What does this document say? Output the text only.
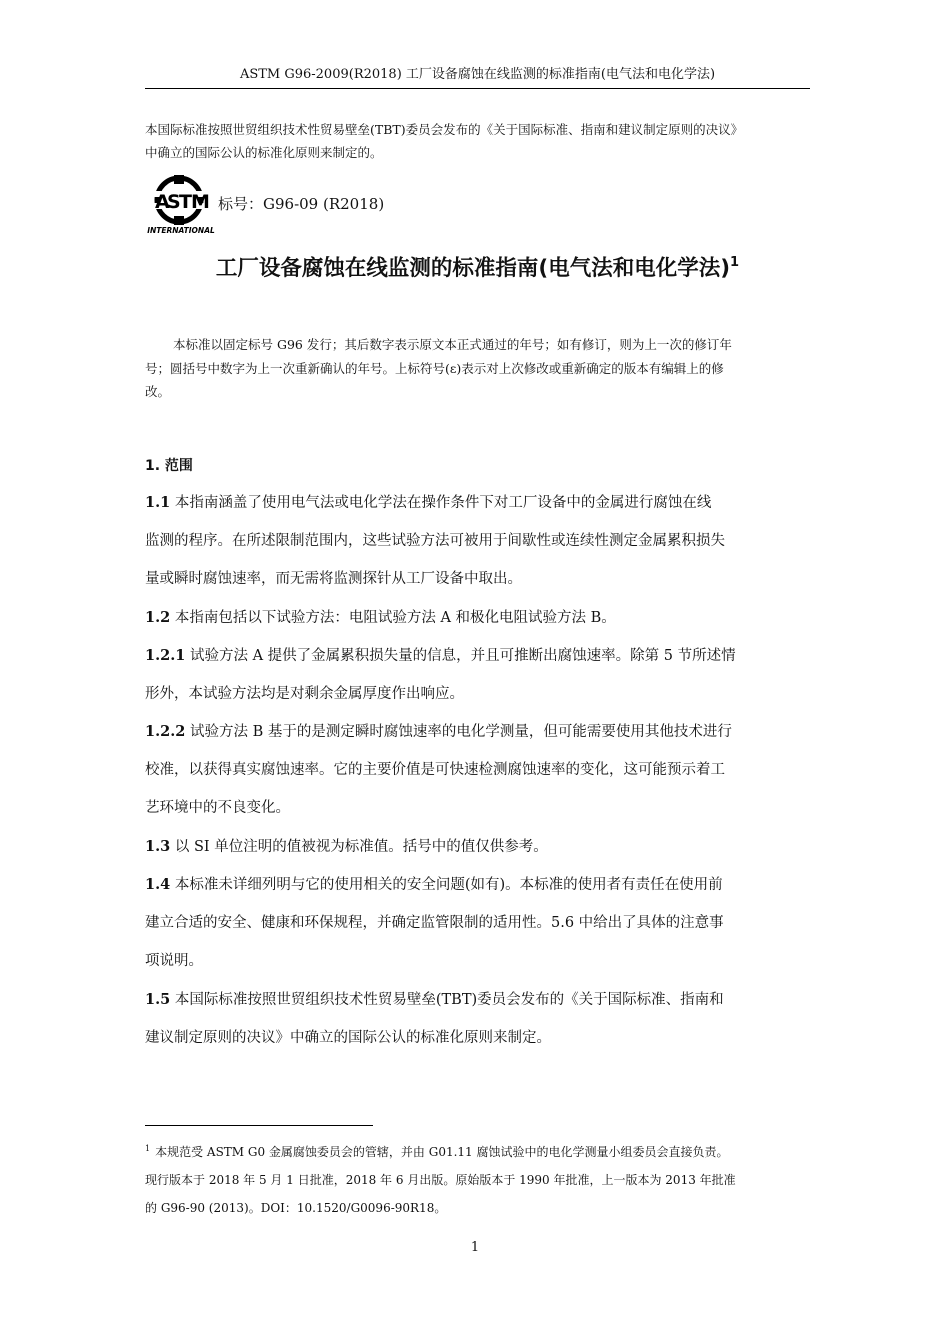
ASTM G96-2009(R2018) 工厂设备腐蚀在线监测的标准指南(电气法和电化学法)
本国际标准按照世贸组织技术性贸易壁垒(TBT)委员会发布的《关于国际标准、指南和建议制定原则的决议》
中确立的国际公认的标准化原则来制定的。
A
S
T M
INTERNATIONAL
标号：G96-09 (R2018)
工厂设备腐蚀在线监测的标准指南(电气法和电化学法)$^1$
本标准以固定标号 G96 发行；其后数字表示原文本正式通过的年号；如有修订，则为上一次的修订年
号；圆括号中数字为上一次重新确认的年号。上标符号(ε)表示对上次修改或重新确定的版本有编辑上的修
改。
1. 范围
1.1 本指南涵盖了使用电气法或电化学法在操作条件下对工厂设备中的金属进行腐蚀在线
监测的程序。在所述限制范围内，这些试验方法可被用于间歇性或连续性测定金属累积损失
量或瞬时腐蚀速率，而无需将监测探针从工厂设备中取出。
1.2 本指南包括以下试验方法：电阻试验方法 A 和极化电阻试验方法 B。
1.2.1 试验方法 A 提供了金属累积损失量的信息，并且可推断出腐蚀速率。除第 5 节所述情
形外，本试验方法均是对剩余金属厚度作出响应。
1.2.2 试验方法 B 基于的是测定瞬时腐蚀速率的电化学测量，但可能需要使用其他技术进行
校准，以获得真实腐蚀速率。它的主要价值是可快速检测腐蚀速率的变化，这可能预示着工
艺环境中的不良变化。
1.3 以 SI 单位注明的值被视为标准值。括号中的值仅供参考。
1.4 本标准未详细列明与它的使用相关的安全问题(如有)。本标准的使用者有责任在使用前
建立合适的安全、健康和环保规程，并确定监管限制的适用性。5.6 中给出了具体的注意事
项说明。
1.5 本国际标准按照世贸组织技术性贸易壁垒(TBT)委员会发布的《关于国际标准、指南和
建议制定原则的决议》中确立的国际公认的标准化原则来制定。
$^1$ 本规范受 ASTM G0 金属腐蚀委员会的管辖，并由 G01.11 腐蚀试验中的电化学测量小组委员会直接负责。
现行版本于 2018 年 5 月 1 日批准，2018 年 6 月出版。原始版本于 1990 年批准，上一版本为 2013 年批准
的 G96-90 (2013)。DOI：10.1520/G0096-90R18。
1
